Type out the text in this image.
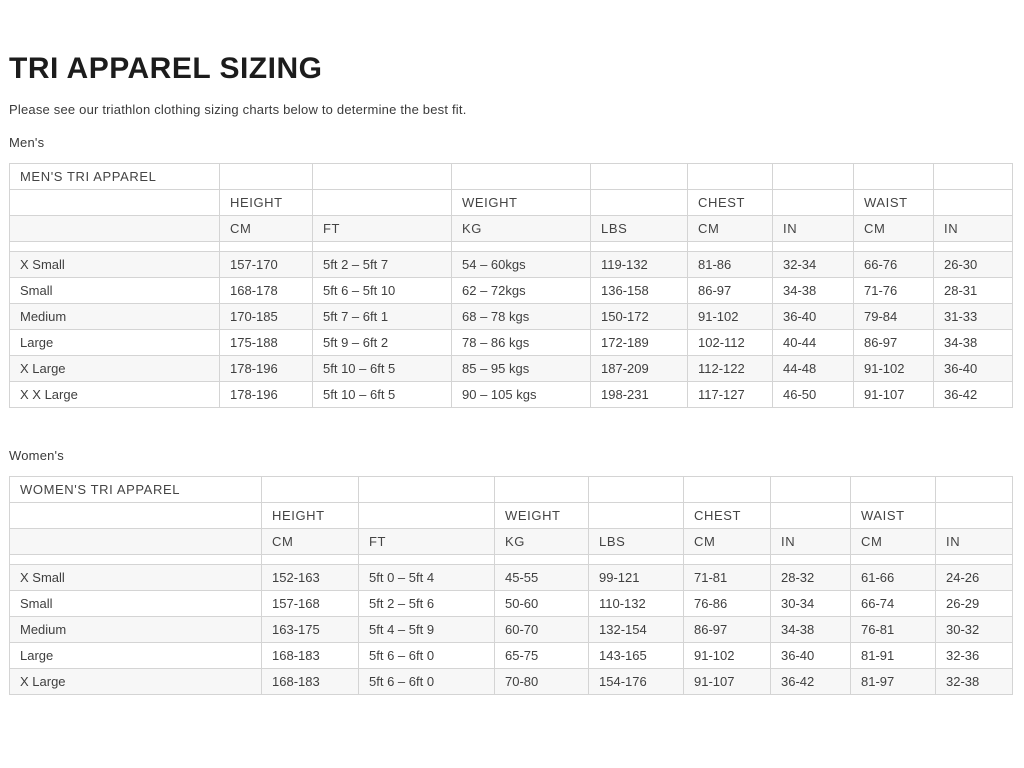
TRI APPAREL SIZING

Please see our triathlon clothing sizing charts below to determine the best fit.

Men's

MEN'S TRI APPAREL								
	HEIGHT		WEIGHT		CHEST		WAIST	
	CM	FT	KG	LBS	CM	IN	CM	IN

X Small	157-170	5ft 2 – 5ft 7	54 – 60kgs	119-132	81-86	32-34	66-76	26-30
Small	168-178	5ft 6 – 5ft 10	62 – 72kgs	136-158	86-97	34-38	71-76	28-31
Medium	170-185	5ft 7 – 6ft 1	68 – 78 kgs	150-172	91-102	36-40	79-84	31-33
Large	175-188	5ft 9 – 6ft 2	78 – 86 kgs	172-189	102-112	40-44	86-97	34-38
X Large	178-196	5ft 10 – 6ft 5	85 – 95 kgs	187-209	112-122	44-48	91-102	36-40
X X Large	178-196	5ft 10 – 6ft 5	90 – 105 kgs	198-231	117-127	46-50	91-107	36-42

Women's

WOMEN'S TRI APPAREL								
	HEIGHT		WEIGHT		CHEST		WAIST	
	CM	FT	KG	LBS	CM	IN	CM	IN

X Small	152-163	5ft 0 – 5ft 4	45-55	99-121	71-81	28-32	61-66	24-26
Small	157-168	5ft 2 – 5ft 6	50-60	110-132	76-86	30-34	66-74	26-29
Medium	163-175	5ft 4 – 5ft 9	60-70	132-154	86-97	34-38	76-81	30-32
Large	168-183	5ft 6 – 6ft 0	65-75	143-165	91-102	36-40	81-91	32-36
X Large	168-183	5ft 6 – 6ft 0	70-80	154-176	91-107	36-42	81-97	32-38
